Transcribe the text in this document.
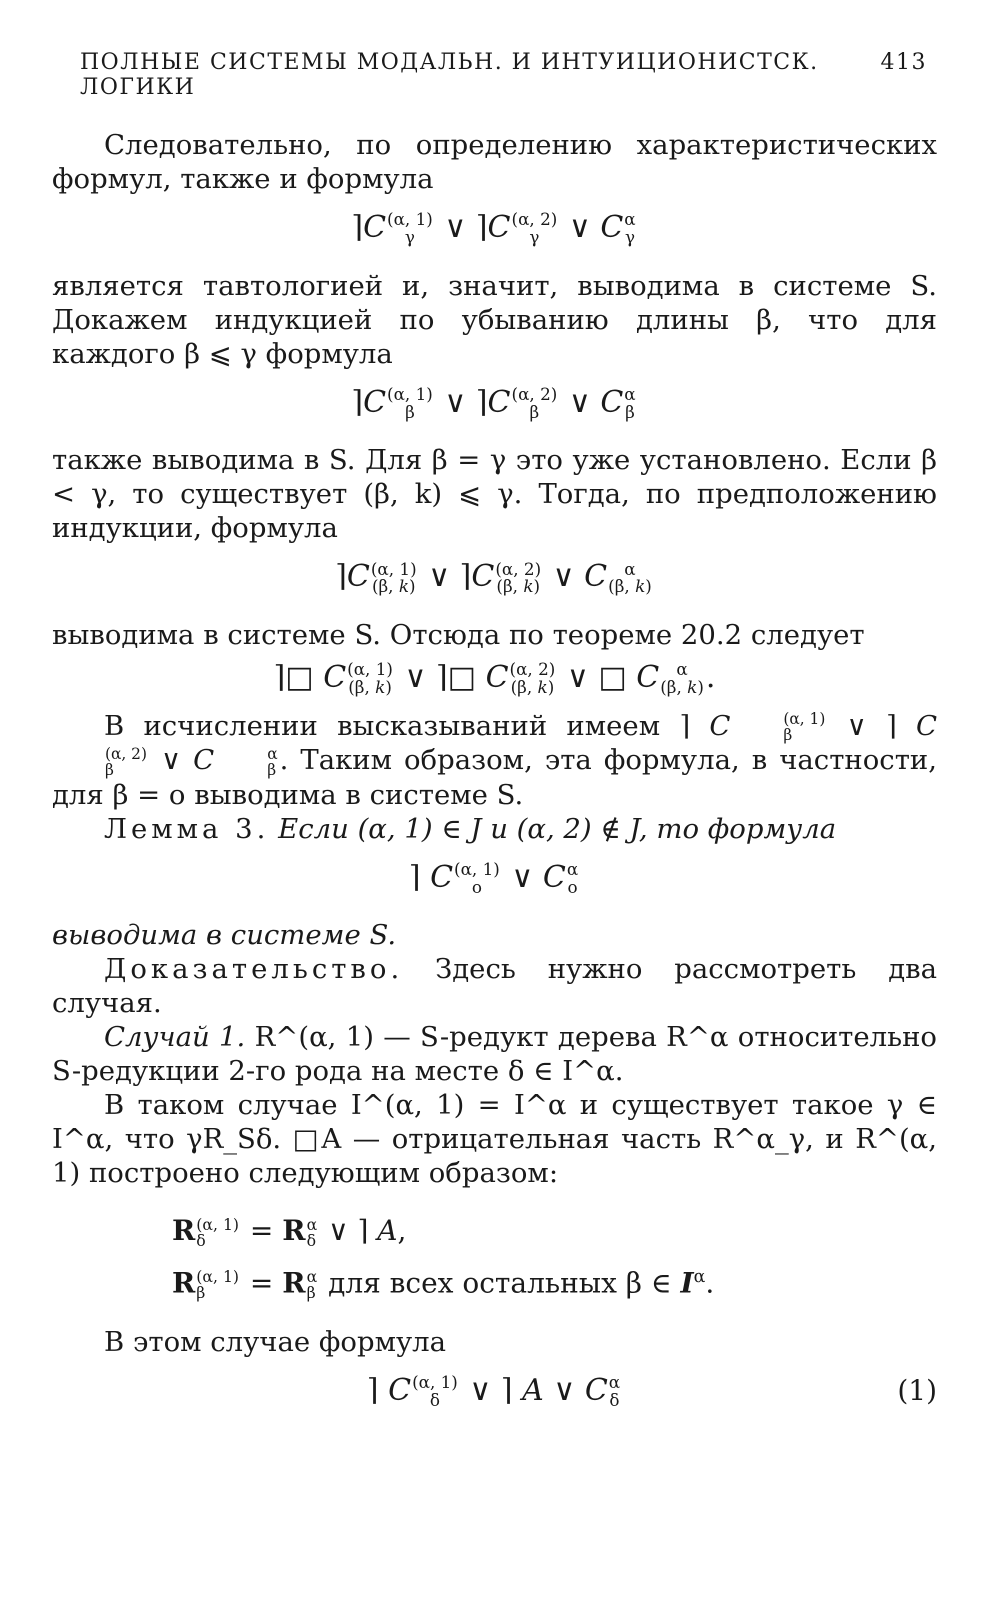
ПОЛНЫЕ СИСТЕМЫ МОДАЛЬН. И ИНТУИЦИОНИСТСК. ЛОГИКИ
413

Следовательно, по определению характеристических формул, также и формула

⌉C (α, 1)
γ ∨ ⌉C (α, 2)
γ ∨ C α
γ

является тавтологией и, значит, выводима в системе S. Докажем индукцией по убыванию длины β, что для каждого β ⩽ γ формула

⌉C (α, 1)
β ∨ ⌉C (α, 2)
β ∨ C α
β

также выводима в S. Для β = γ это уже установлено. Если β < γ, то существует (β, k) ⩽ γ. Тогда, по предположению индукции, формула

⌉C (α, 1)
(β, k) ∨ ⌉C (α, 2)
(β, k) ∨ C	α
(β, k)

выводима в системе S. Отсюда по теореме 20.2 следует

⌉□ C (α, 1)
(β, k) ∨ ⌉□ C (α, 2)
(β, k) ∨ □ C	α
(β, k) .

В исчислении высказываний имеем ⌉ C	(α, 1)
β	∨ ⌉ C
(α, 2)
β	∨ C	α
β . Таким образом, эта формула, в частности, для β = o выводима в системе S.

Лемма 3. Если (α, 1) ∈ J и (α, 2) ∉ J, то формула

⌉ C (α, 1)
o ∨ C α
o

выводима в системе S.

Доказательство. Здесь нужно рассмотреть два случая.

Случай 1. R^(α, 1) — S-редукт дерева R^α относительно S-редукции 2-го рода на месте δ ∈ I^α.

В таком случае I^(α, 1) = I^α и существует такое γ ∈ I^α, что γR_Sδ. □A — отрицательная часть R^α_γ, и R^(α, 1) построено следующим образом:

R (α, 1)
δ	= R α
δ ∨ ⌉ A,
R (α, 1)
β	= R α
β для всех остальных β ∈ $I^\alpha$.

В этом случае формула

⌉ C (α, 1)
δ ∨ ⌉ A ∨ C α
δ	(1)
